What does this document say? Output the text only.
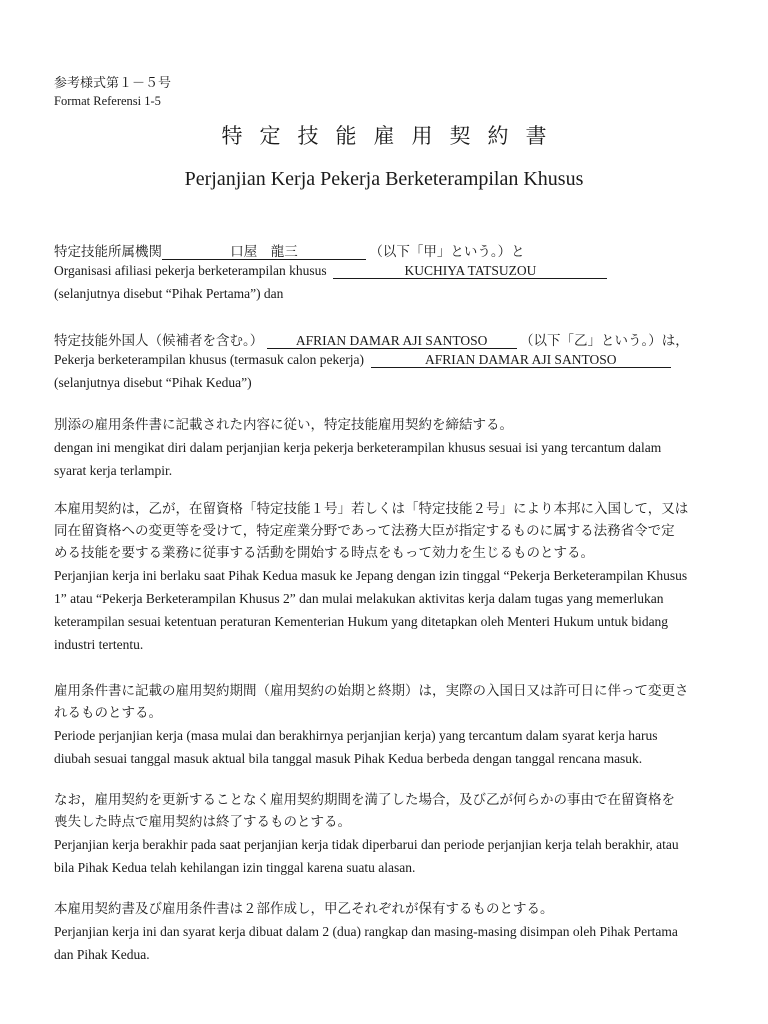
参考様式第１－５号
Format Referensi 1-5
特定技能雇用契約書
Perjanjian Kerja Pekerja Berketerampilan Khusus
特定技能所属機関	口屋　龍三	（以下「甲」という。）と
Organisasi afiliasi pekerja berketerampilan khusus	KUCHIYA TATSUZOU
(selanjutnya disebut “Pihak Pertama”) dan
特定技能外国人（候補者を含む。） AFRIAN DAMAR AJI SANTOSO （以下「乙」という。）は，
Pekerja berketerampilan khusus (termasuk calon pekerja)	AFRIAN DAMAR AJI SANTOSO
(selanjutnya disebut “Pihak Kedua”)
別添の雇用条件書に記載された内容に従い，特定技能雇用契約を締結する。
dengan ini mengikat diri dalam perjanjian kerja pekerja berketerampilan khusus sesuai isi yang tercantum dalam
syarat kerja terlampir.
本雇用契約は，乙が，在留資格「特定技能１号」若しくは「特定技能２号」により本邦に入国して，又は
同在留資格への変更等を受けて，特定産業分野であって法務大臣が指定するものに属する法務省令で定
める技能を要する業務に従事する活動を開始する時点をもって効力を生じるものとする。
Perjanjian kerja ini berlaku saat Pihak Kedua masuk ke Jepang dengan izin tinggal “Pekerja Berketerampilan Khusus
1” atau “Pekerja Berketerampilan Khusus 2” dan mulai melakukan aktivitas kerja dalam tugas yang memerlukan
keterampilan sesuai ketentuan peraturan Kementerian Hukum yang ditetapkan oleh Menteri Hukum untuk bidang
industri tertentu.
雇用条件書に記載の雇用契約期間（雇用契約の始期と終期）は，実際の入国日又は許可日に伴って変更さ
れるものとする。
Periode perjanjian kerja (masa mulai dan berakhirnya perjanjian kerja) yang tercantum dalam syarat kerja harus
diubah sesuai tanggal masuk aktual bila tanggal masuk Pihak Kedua berbeda dengan tanggal rencana masuk.
なお，雇用契約を更新することなく雇用契約期間を満了した場合，及び乙が何らかの事由で在留資格を
喪失した時点で雇用契約は終了するものとする。
Perjanjian kerja berakhir pada saat perjanjian kerja tidak diperbarui dan periode perjanjian kerja telah berakhir, atau
bila Pihak Kedua telah kehilangan izin tinggal karena suatu alasan.
本雇用契約書及び雇用条件書は２部作成し，甲乙それぞれが保有するものとする。
Perjanjian kerja ini dan syarat kerja dibuat dalam 2 (dua) rangkap dan masing-masing disimpan oleh Pihak Pertama
dan Pihak Kedua.
